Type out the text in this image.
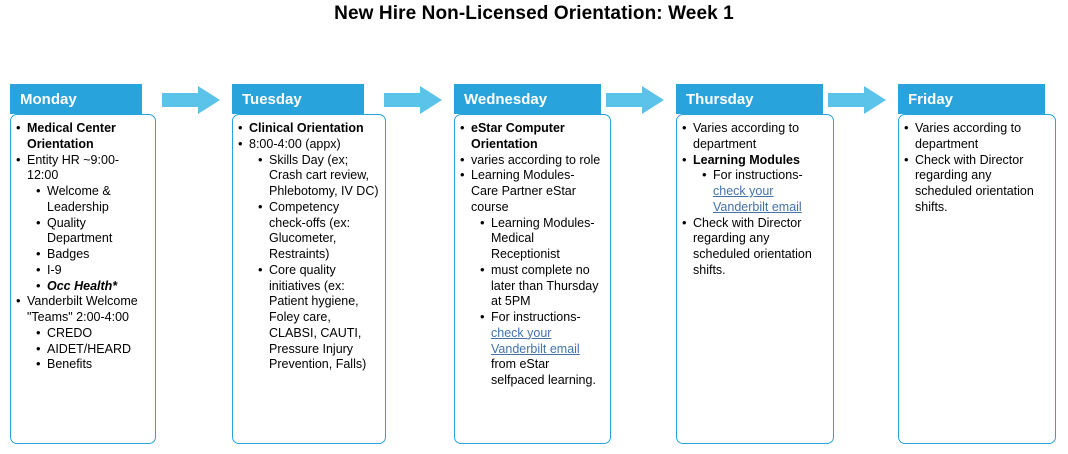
New Hire Non-Licensed Orientation: Week 1
Monday
• Medical Center Orientation
• Entity HR ~9:00-12:00
• Welcome & Leadership
• Quality Department
• Badges
• I-9
• Occ Health*
• Vanderbilt Welcome "Teams" 2:00-4:00
• CREDO
• AIDET/HEARD
• Benefits
Tuesday
• Clinical Orientation
• 8:00-4:00 (appx)
• Skills Day (ex; Crash cart review, Phlebotomy, IV DC)
• Competency check-offs (ex: Glucometer, Restraints)
• Core quality initiatives (ex: Patient hygiene, Foley care, CLABSI, CAUTI, Pressure Injury Prevention, Falls)
Wednesday
• eStar Computer Orientation
• varies according to role
• Learning Modules- Care Partner eStar course
• Learning Modules- Medical Receptionist
• must complete no later than Thursday at 5PM
• For instructions- check your Vanderbilt email from eStar selfpaced learning.
Thursday
• Varies according to department
• Learning Modules
• For instructions- check your Vanderbilt email
• Check with Director regarding any scheduled orientation shifts.
Friday
• Varies according to department
• Check with Director regarding any scheduled orientation shifts.
